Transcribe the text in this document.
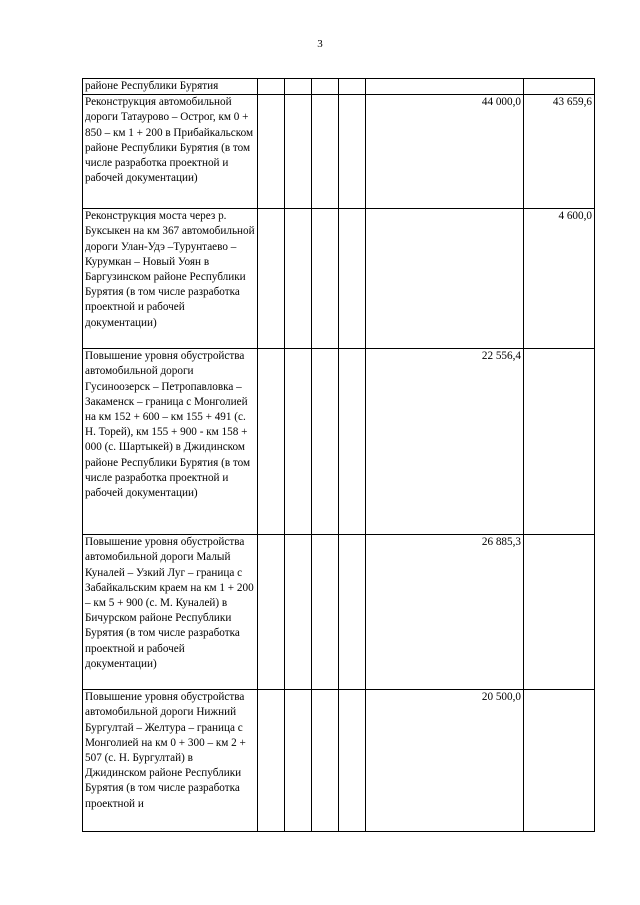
3
районе Республики Бурятия						
Реконструкция автомобильной дороги Татаурово – Острог, км 0 + 850 – км 1 + 200 в Прибайкальском районе Республики Бурятия (в том числе разработка проектной и рабочей документации)					44 000,0	43 659,6
Реконструкция моста через р. Буксыкен на км 367 автомобильной дороги Улан-Удэ –Турунтаево – Курумкан – Новый Уоян в Баргузинском районе Республики Бурятия (в том числе разработка проектной и рабочей документации)						4 600,0
Повышение уровня обустройства автомобильной дороги Гусиноозерск – Петропавловка –Закаменск – граница с Монголией на км 152 + 600 – км 155 + 491 (с. Н. Торей), км 155 + 900 - км 158 + 000 (с. Шартыкей) в Джидинском районе Республики Бурятия (в том числе разработка проектной и рабочей документации)					22 556,4	
Повышение уровня обустройства автомобильной дороги Малый Куналей – Узкий Луг – граница с Забайкальским краем на км 1 + 200 – км 5 + 900 (с. М. Куналей) в Бичурском районе Республики Бурятия (в том числе разработка проектной и рабочей документации)					26 885,3	
Повышение уровня обустройства автомобильной дороги Нижний Бургултай – Желтура – граница с Монголией на км 0 + 300 – км 2 + 507 (с. Н. Бургултай) в Джидинском районе Республики Бурятия (в том числе разработка проектной и					20 500,0	
